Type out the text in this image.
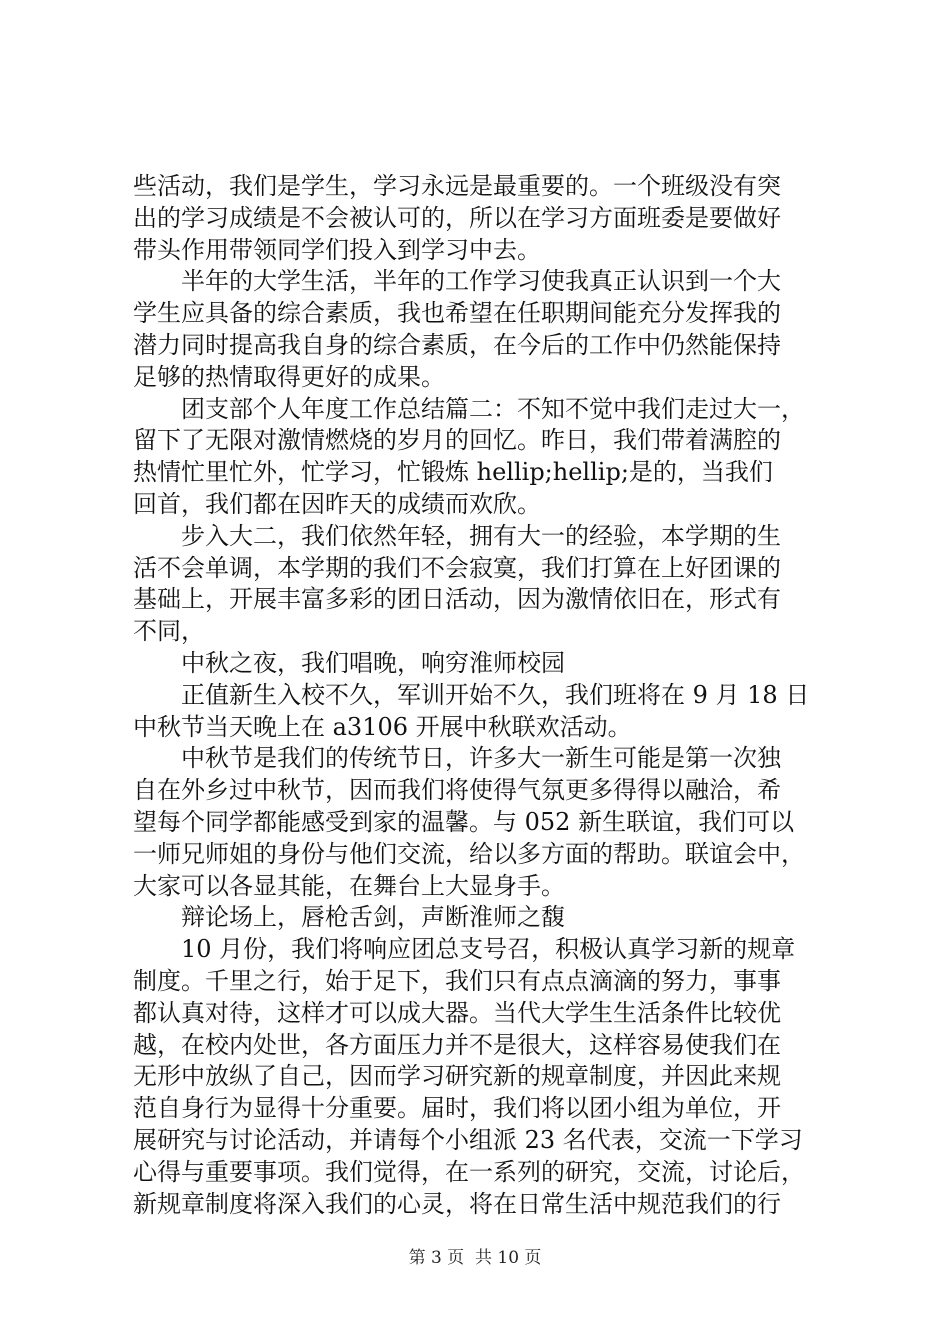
些活动，我们是学生，学习永远是最重要的。一个班级没有突
出的学习成绩是不会被认可的，所以在学习方面班委是要做好
带头作用带领同学们投入到学习中去。
半年的大学生活，半年的工作学习使我真正认识到一个大
学生应具备的综合素质，我也希望在任职期间能充分发挥我的
潜力同时提高我自身的综合素质，在今后的工作中仍然能保持
足够的热情取得更好的成果。
团支部个人年度工作总结篇二：不知不觉中我们走过大一，
留下了无限对激情燃烧的岁月的回忆。昨日，我们带着满腔的
热情忙里忙外，忙学习，忙锻炼 hellip;hellip;是的，当我们
回首，我们都在因昨天的成绩而欢欣。
步入大二，我们依然年轻，拥有大一的经验，本学期的生
活不会单调，本学期的我们不会寂寞，我们打算在上好团课的
基础上，开展丰富多彩的团日活动，因为激情依旧在，形式有
不同，
中秋之夜，我们唱晚，响穷淮师校园
正值新生入校不久，军训开始不久，我们班将在 9 月 18 日
中秋节当天晚上在 a3106 开展中秋联欢活动。
中秋节是我们的传统节日，许多大一新生可能是第一次独
自在外乡过中秋节，因而我们将使得气氛更多得得以融洽，希
望每个同学都能感受到家的温馨。与 052 新生联谊，我们可以
一师兄师姐的身份与他们交流，给以多方面的帮助。联谊会中，
大家可以各显其能，在舞台上大显身手。
辩论场上，唇枪舌剑，声断淮师之馥
10 月份，我们将响应团总支号召，积极认真学习新的规章
制度。千里之行，始于足下，我们只有点点滴滴的努力，事事
都认真对待，这样才可以成大器。当代大学生生活条件比较优
越，在校内处世，各方面压力并不是很大，这样容易使我们在
无形中放纵了自己，因而学习研究新的规章制度，并因此来规
范自身行为显得十分重要。届时，我们将以团小组为单位，开
展研究与讨论活动，并请每个小组派 23 名代表，交流一下学习
心得与重要事项。我们觉得，在一系列的研究，交流，讨论后，
新规章制度将深入我们的心灵，将在日常生活中规范我们的行
第 3 页  共 10 页
